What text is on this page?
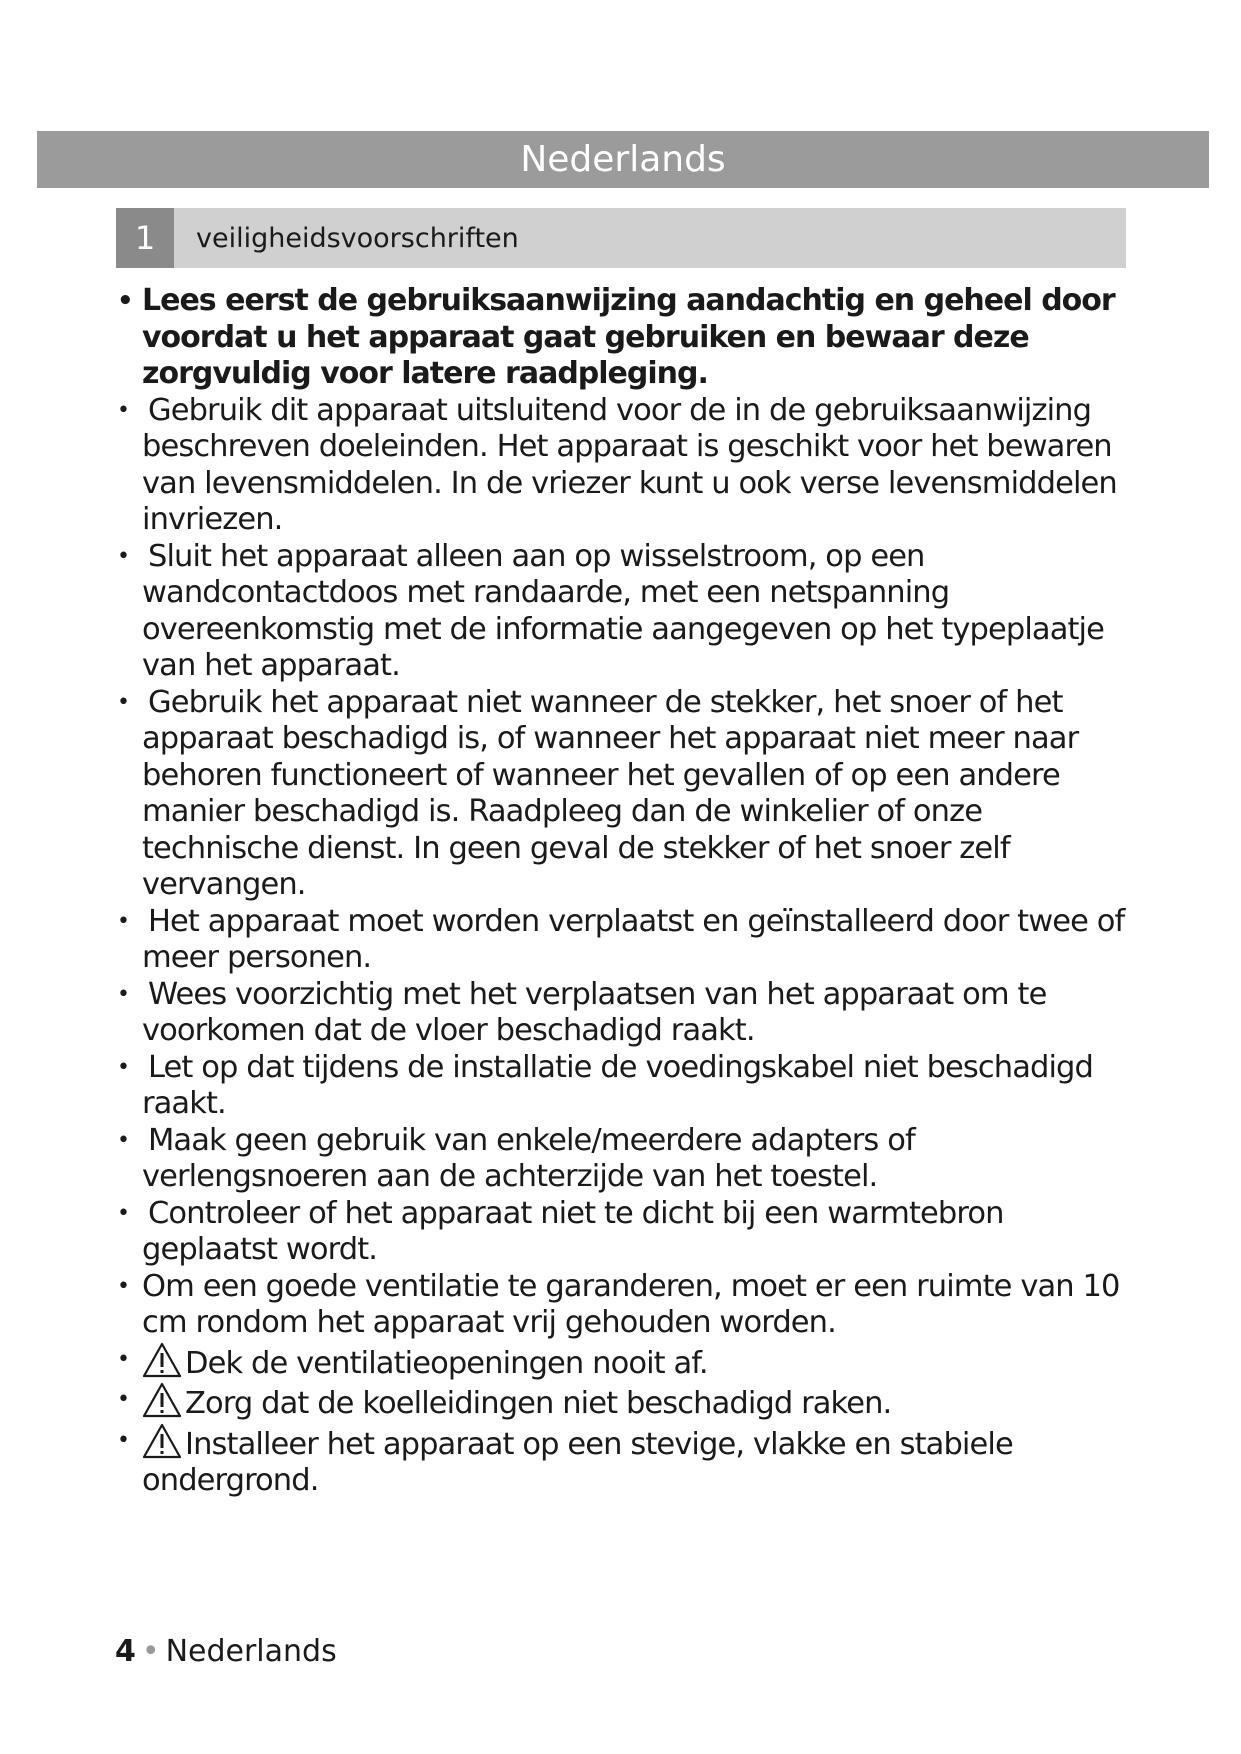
Nederlands
1	veiligheidsvoorschriften
• Lees eerst de gebruiksaanwijzing aandachtig en geheel door voordat u het apparaat gaat gebruiken en bewaar deze zorgvuldig voor latere raadpleging.
• Gebruik dit apparaat uitsluitend voor de in de gebruiksaanwijzing beschreven doeleinden. Het apparaat is geschikt voor het bewaren van levensmiddelen. In de vriezer kunt u ook verse levensmiddelen invriezen.
• Sluit het apparaat alleen aan op wisselstroom, op een wandcontactdoos met randaarde, met een netspanning overeenkomstig met de informatie aangegeven op het typeplaatje van het apparaat.
• Gebruik het apparaat niet wanneer de stekker, het snoer of het apparaat beschadigd is, of wanneer het apparaat niet meer naar behoren functioneert of wanneer het gevallen of op een andere manier beschadigd is. Raadpleeg dan de winkelier of onze technische dienst. In geen geval de stekker of het snoer zelf vervangen.
• Het apparaat moet worden verplaatst en geïnstalleerd door twee of meer personen.
• Wees voorzichtig met het verplaatsen van het apparaat om te voorkomen dat de vloer beschadigd raakt.
• Let op dat tijdens de installatie de voedingskabel niet beschadigd raakt.
• Maak geen gebruik van enkele/meerdere adapters of verlengsnoeren aan de achterzijde van het toestel.
• Controleer of het apparaat niet te dicht bij een warmtebron geplaatst wordt.
• Om een goede ventilatie te garanderen, moet er een ruimte van 10 cm rondom het apparaat vrij gehouden worden.
• Dek de ventilatieopeningen nooit af.
• Zorg dat de koelleidingen niet beschadigd raken.
• Installeer het apparaat op een stevige, vlakke en stabiele ondergrond.
4 • Nederlands
